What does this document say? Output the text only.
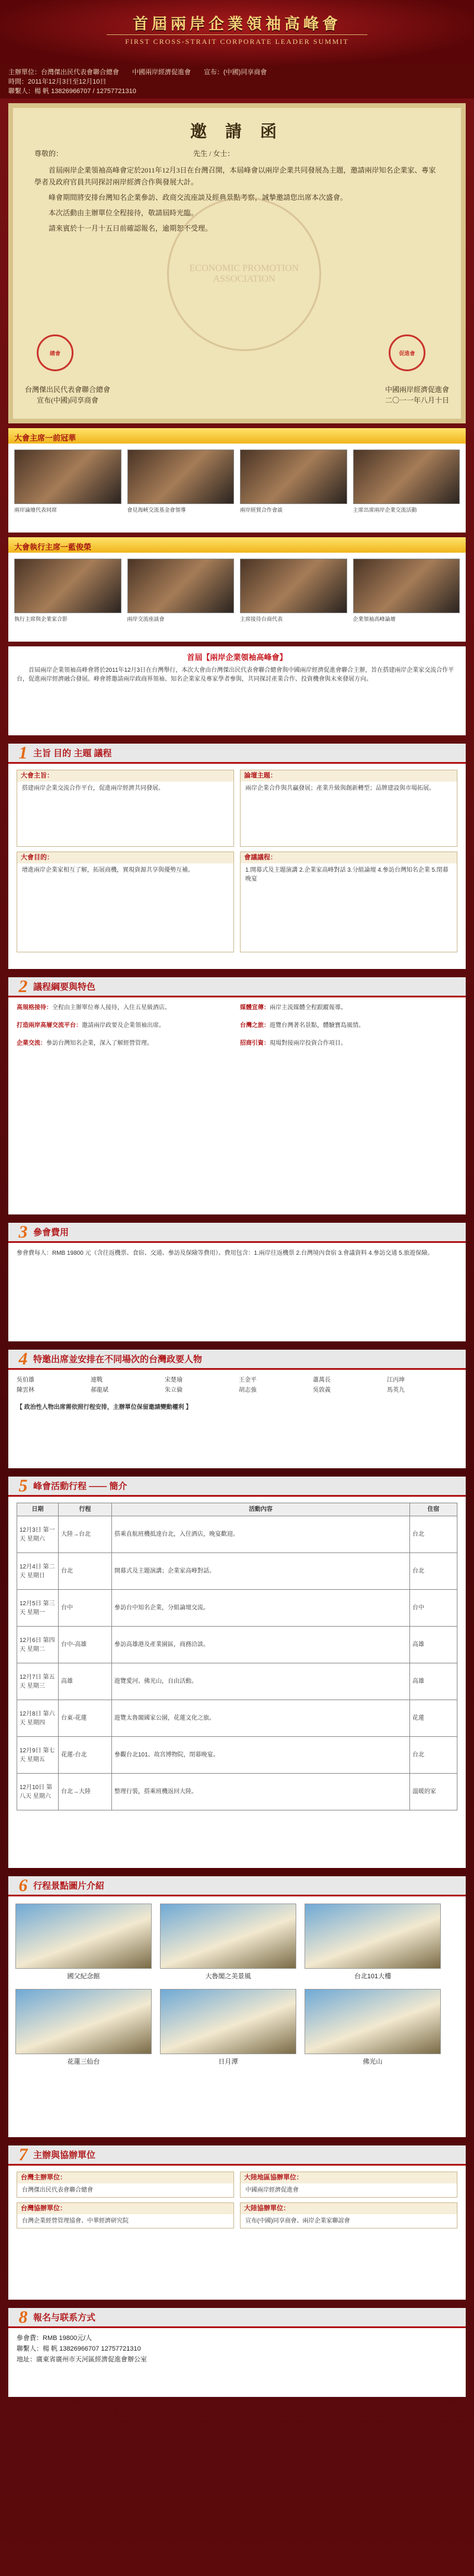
首屆兩岸企業領袖高峰會
FIRST CROSS-STRAIT CORPORATE LEADER SUMMIT
主辦單位：台灣傑出民代表會聯合總會 中國兩岸經濟促進會 宣布：(中國)同享商會
時間：2011年12月3日至12月10日
聯繫人：楊 帆 13826966707 / 12757721310
ECONOMIC PROMOTION ASSOCIATION
邀 請 函
尊敬的：	先生 / 女士：

首屆兩岸企業領袖高峰會定於2011年12月3日在台灣召開，本屆峰會以兩岸企業共同發展為主題，邀請兩岸知名企業家、專家學者及政府官員共同探討兩岸經濟合作與發展大計。

峰會期間將安排台灣知名企業參訪、政商交流座談及經典景點考察，誠摯邀請您出席本次盛會。

本次活動由主辦單位全程接待，敬請屆時光臨。

請來賓於十一月十五日前確認報名，逾期恕不受理。

總會
台灣傑出民代表會聯合總會
宣布(中國)同享商會
促進會
中國兩岸經濟促進會
二〇一一年八月十日
大會主席一前冠華
兩岸論壇代表同席	會見海峽交流基金會領導	兩岸經貿合作會談	主席出席兩岸企業交流活動
大會執行主席一藍俊榮
執行主席與企業家合影	兩岸交流座談會	主席接待台商代表	企業領袖高峰論壇
首屆【兩岸企業領袖高峰會】

首屆兩岸企業領袖高峰會將於2011年12月3日在台灣舉行，本次大會由台灣傑出民代表會聯合總會與中國兩岸經濟促進會聯合主辦，旨在搭建兩岸企業家交流合作平台，促進兩岸經濟融合發展。峰會將邀請兩岸政商界領袖、知名企業家及專家學者參與，共同探討產業合作、投資機會與未來發展方向。

1 主旨 目的 主題 議程
大會主旨：
搭建兩岸企業交流合作平台，促進兩岸經濟共同發展。
大會目的：
增進兩岸企業家相互了解，拓展商機，實現資源共享與優勢互補。
論壇主題：
兩岸企業合作與共贏發展；產業升級與創新轉型；品牌建設與市場拓展。
會議議程：
1.開幕式及主題演講 2.企業家高峰對話 3.分組論壇 4.參訪台灣知名企業 5.閉幕晚宴
2 議程綱要與特色

高規格接待：全程由主辦單位專人接待，入住五星級酒店。

打造兩岸高層交流平台：邀請兩岸政要及企業領袖出席。

企業交流：參訪台灣知名企業，深入了解經營管理。

媒體宣傳：兩岸主流媒體全程跟蹤報導。

台灣之旅：遊覽台灣著名景點，體驗寶島風情。

招商引資：現場對接兩岸投資合作項目。

3 參會費用

參會費每人：RMB 19800 元（含往返機票、食宿、交通、參訪及保險等費用）。費用包含：1.兩岸往返機票 2.台灣境內食宿 3.會議資料 4.參訪交通 5.旅遊保險。

4 特邀出席並安排在不同場次的台灣政要人物
吳伯雄	連戰	宋楚瑜	王金平	蕭萬長	江丙坤
陳雲林	郝龍斌	朱立倫	胡志強	吳敦義	馬英九

【 政治性人物出席需依照行程安排，主辦單位保留邀請變動權利 】

5 峰會活動行程 —— 簡介
日期	行程	活動內容	住宿
12月3日 第一天 星期六	大陸→台北	搭乘直航班機抵達台北，入住酒店，晚宴歡迎。	台北
12月4日 第二天 星期日	台北	開幕式及主題演講；企業家高峰對話。	台北
12月5日 第三天 星期一	台中	參訪台中知名企業，分組論壇交流。	台中
12月6日 第四天 星期二	台中-高雄	參訪高雄港及產業園區，商務洽談。	高雄
12月7日 第五天 星期三	高雄	遊覽愛河、佛光山，自由活動。	高雄
12月8日 第六天 星期四	台東-花蓮	遊覽太魯閣國家公園，花蓮文化之旅。	花蓮
12月9日 第七天 星期五	花蓮-台北	參觀台北101、故宮博物院，閉幕晚宴。	台北
12月10日 第八天 星期六	台北→大陸	整理行裝，搭乘班機返回大陸。	溫暖的家
6 行程景點圖片介紹
國父紀念館	大魯閣之美景風	台北101大樓
花蓮三仙台	日月潭	佛光山
7 主辦與協辦單位
台灣主辦單位：
台灣傑出民代表會聯合總會
台灣協辦單位：
台灣企業經營管理協會、中華經濟研究院
大陸地區協辦單位：
中國兩岸經濟促進會
大陸協辦單位：
宣布(中國)同享商會、兩岸企業家聯誼會
8 報名与联系方式
參會費：RMB 19800元/人
聯繫人：楊 帆 13826966707 12757721310
地址：廣東省廣州市天河區經濟促進會辦公室
